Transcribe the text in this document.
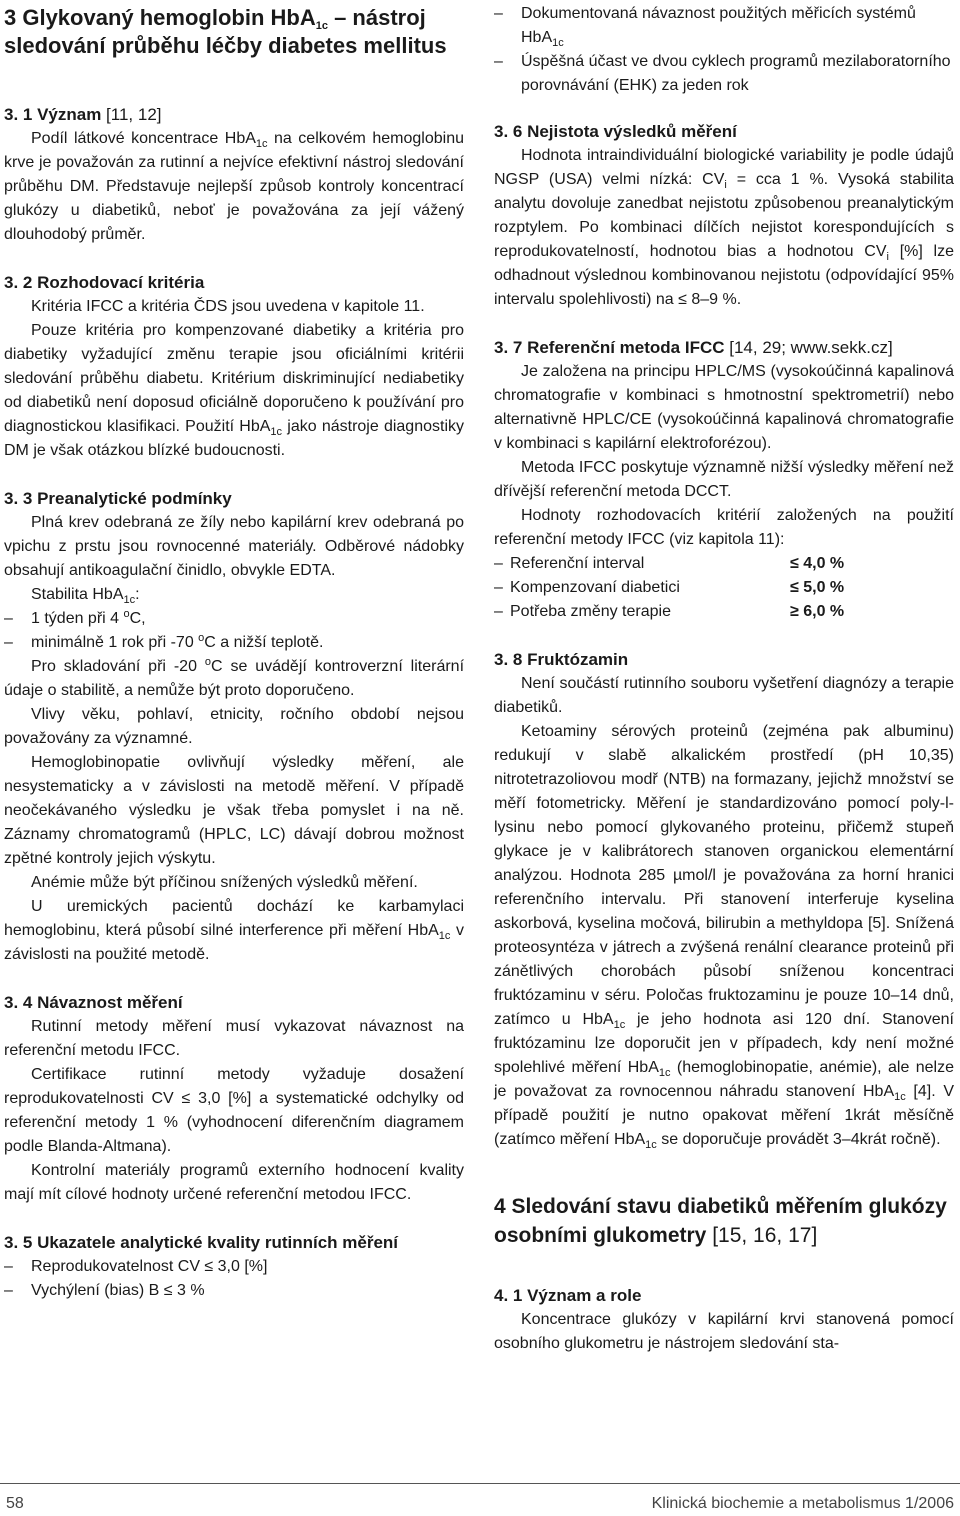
3 Glykovaný hemoglobin HbA$_{1c}$ – nástroj sledování průběhu léčby diabetes mellitus
3. 1 Význam [11, 12]

Podíl látkové koncentrace HbA$_{1c}$ na celkovém hemoglobinu krve je považován za rutinní a nejvíce efektivní nástroj sledování průběhu DM. Představuje nejlepší způsob kontroly koncentrací glukózy u diabetiků, neboť je považována za její vážený dlouhodobý průměr.

3. 2 Rozhodovací kritéria

Kritéria IFCC a kritéria ČDS jsou uvedena v kapitole 11.

Pouze kritéria pro kompenzované diabetiky a kritéria pro diabetiky vyžadující změnu terapie jsou oficiálními kritérii sledování průběhu diabetu. Kritérium diskriminující nediabetiky od diabetiků není doposud oficiálně doporučeno k používání pro diagnostickou klasifikaci. Použití HbA$_{1c}$ jako nástroje diagnostiky DM je však otázkou blízké budoucnosti.

3. 3 Preanalytické podmínky

Plná krev odebraná ze žíly nebo kapilární krev odebraná po vpichu z prstu jsou rovnocenné materiály. Odběrové nádobky obsahují antikoagulační činidlo, obvykle EDTA.

Stabilita HbA$_{1c}$:

–	1 týden při 4 $^o$C,
–	minimálně 1 rok při -70 $^o$C a nižší teplotě.

Pro skladování při -20 $^o$C se uvádějí kontroverzní literární údaje o stabilitě, a nemůže být proto doporučeno.

Vlivy věku, pohlaví, etnicity, ročního období nejsou považovány za významné.

Hemoglobinopatie ovlivňují výsledky měření, ale nesystematicky a v závislosti na metodě měření. V případě neočekávaného výsledku je však třeba pomyslet i na ně. Záznamy chromatogramů (HPLC, LC) dávají dobrou možnost zpětné kontroly jejich výskytu.

Anémie může být příčinou snížených výsledků měření.

U uremických pacientů dochází ke karbamylaci hemoglobinu, která působí silné interference při měření HbA$_{1c}$ v závislosti na použité metodě.

3. 4 Návaznost měření

Rutinní metody měření musí vykazovat návaznost na referenční metodu IFCC.

Certifikace rutinní metody vyžaduje dosažení reprodukovatelnosti CV ≤ 3,0 [%] a systematické odchylky od referenční metody 1 % (vyhodnocení diferenčním diagramem podle Blanda-Altmana).

Kontrolní materiály programů externího hodnocení kvality mají mít cílové hodnoty určené referenční metodou IFCC.

3. 5 Ukazatele analytické kvality rutinních měření
–	Reprodukovatelnost CV ≤ 3,0 [%]
–	Vychýlení (bias) B ≤ 3 %
–	Dokumentovaná návaznost použitých měřicích systémů HbA$_{1c}$
–	Úspěšná účast ve dvou cyklech programů mezilaboratorního porovnávání (EHK) za jeden rok
3. 6 Nejistota výsledků měření

Hodnota intraindividuální biologické variability je podle údajů NGSP (USA) velmi nízká: $CV_i$ = cca 1 %. Vysoká stabilita analytu dovoluje zanedbat nejistotu způsobenou preanalytickým rozptylem. Po kombinaci dílčích nejistot korespondujících s reprodukovatelností, hodnotou bias a hodnotou $CV_i$ [%] lze odhadnout výslednou kombinovanou nejistotu (odpovídající 95% intervalu spolehlivosti) na ≤ 8–9 %.

3. 7 Referenční metoda IFCC [14, 29; www.sekk.cz]

Je založena na principu HPLC/MS (vysokoúčinná kapalinová chromatografie v kombinaci s hmotnostní spektrometrií) nebo alternativně HPLC/CE (vysokoúčinná kapalinová chromatografie v kombinaci s kapilární elektroforézou).

Metoda IFCC poskytuje významně nižší výsledky měření než dřívější referenční metoda DCCT.

Hodnoty rozhodovacích kritérií založených na použití referenční metody IFCC (viz kapitola 11):

– Referenční interval	≤ 4,0 %
– Kompenzovaní diabetici	≤ 5,0 %
– Potřeba změny terapie	≥ 6,0 %
3. 8 Fruktózamin

Není součástí rutinního souboru vyšetření diagnózy a terapie diabetiků.

Ketoaminy sérových proteinů (zejména pak albuminu) redukují v slabě alkalickém prostředí (pH 10,35) nitrotetrazoliovou modř (NTB) na formazany, jejichž množství se měří fotometricky. Měření je standardizováno pomocí poly-l-lysinu nebo pomocí glykovaného proteinu, přičemž stupeň glykace je v kalibrátorech stanoven organickou elementární analýzou. Hodnota 285 µmol/l je považována za horní hranici referenčního intervalu. Při stanovení interferuje kyselina askorbová, kyselina močová, bilirubin a methyldopa [5]. Snížená proteosyntéza v játrech a zvýšená renální clearance proteinů při zánětlivých chorobách působí sníženou koncentraci fruktózaminu v séru. Poločas fruktozaminu je pouze 10–14 dnů, zatímco u HbA$_{1c}$ je jeho hodnota asi 120 dní. Stanovení fruktózaminu lze doporučit jen v případech, kdy není možné spolehlivé měření HbA$_{1c}$ (hemoglobinopatie, anémie), ale nelze je považovat za rovnocennou náhradu stanovení HbA$_{1c}$ [4]. V případě použití je nutno opakovat měření 1krát měsíčně (zatímco měření HbA$_{1c}$ se doporučuje provádět 3–4krát ročně).

4 Sledování stavu diabetiků měřením glukózy osobními glukometry [15, 16, 17]
4. 1 Význam a role

Koncentrace glukózy v kapilární krvi stanovená pomocí osobního glukometru je nástrojem sledování sta-

58	Klinická biochemie a metabolismus 1/2006
